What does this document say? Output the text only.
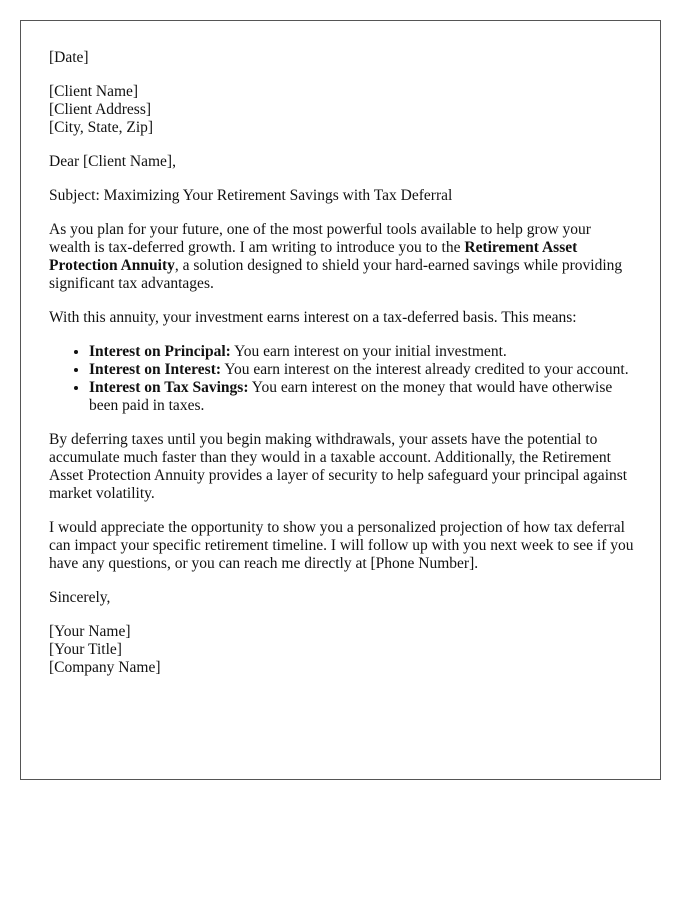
[Date]

[Client Name]
[Client Address]
[City, State, Zip]

Dear [Client Name],

Subject: Maximizing Your Retirement Savings with Tax Deferral

As you plan for your future, one of the most powerful tools available to help grow your wealth is tax-deferred growth. I am writing to introduce you to the Retirement Asset Protection Annuity, a solution designed to shield your hard-earned savings while providing significant tax advantages.

With this annuity, your investment earns interest on a tax-deferred basis. This means:

• Interest on Principal: You earn interest on your initial investment.
• Interest on Interest: You earn interest on the interest already credited to your account.
• Interest on Tax Savings: You earn interest on the money that would have otherwise been paid in taxes.

By deferring taxes until you begin making withdrawals, your assets have the potential to accumulate much faster than they would in a taxable account. Additionally, the Retirement Asset Protection Annuity provides a layer of security to help safeguard your principal against market volatility.

I would appreciate the opportunity to show you a personalized projection of how tax deferral can impact your specific retirement timeline. I will follow up with you next week to see if you have any questions, or you can reach me directly at [Phone Number].

Sincerely,

[Your Name]
[Your Title]
[Company Name]
